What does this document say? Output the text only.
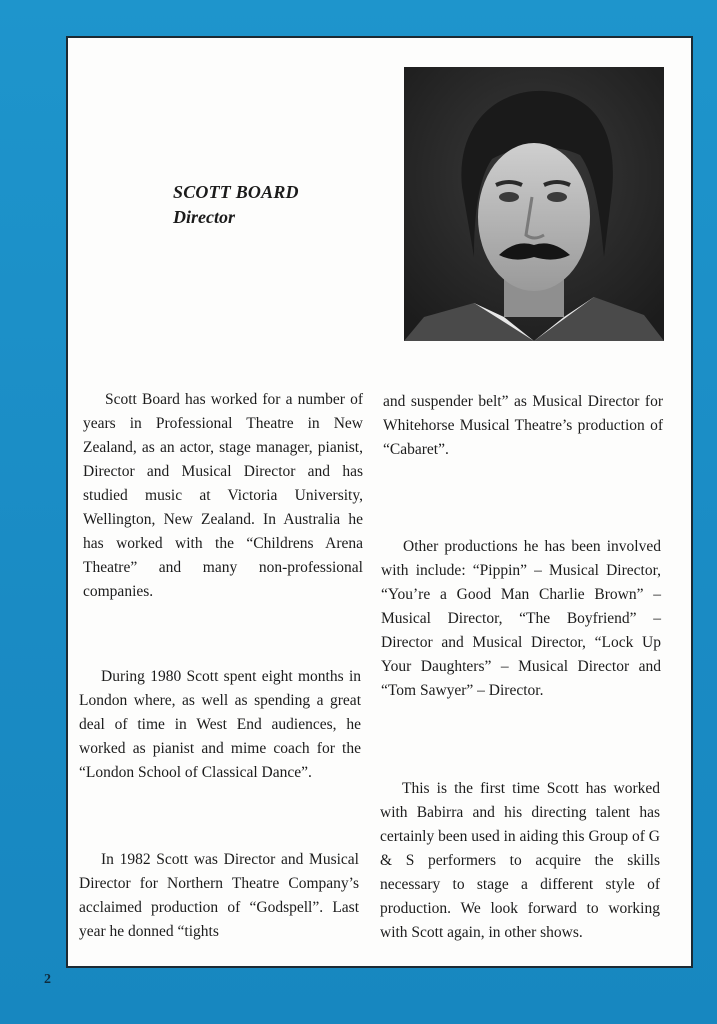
SCOTT BOARD
Director

Scott Board has worked for a number of years in Professional Theatre in New Zealand, as an actor, stage manager, pianist, Director and Musical Director and has studied music at Victoria University, Wellington, New Zealand. In Australia he has worked with the “Childrens Arena Theatre” and many non-professional companies.

During 1980 Scott spent eight months in London where, as well as spending a great deal of time in West End audiences, he worked as pianist and mime coach for the “London School of Classical Dance”.

In 1982 Scott was Director and Musical Director for Northern Theatre Company’s acclaimed production of “Godspell”. Last year he donned “tights

and suspender belt” as Musical Director for Whitehorse Musical Theatre’s production of “Cabaret”.

Other productions he has been involved with include: “Pippin” – Musical Director, “You’re a Good Man Charlie Brown” – Musical Director, “The Boyfriend” – Director and Musical Director, “Lock Up Your Daughters” – Musical Director and “Tom Sawyer” – Director.

This is the first time Scott has worked with Babirra and his directing talent has certainly been used in aiding this Group of G & S performers to acquire the skills necessary to stage a different style of production. We look forward to working with Scott again, in other shows.

2
